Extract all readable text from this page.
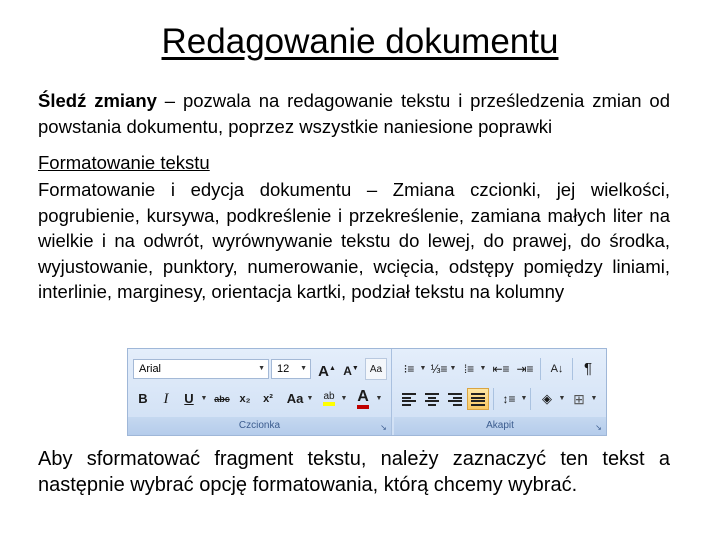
Redagowanie dokumentu
Śledź zmiany – pozwala na redagowanie tekstu i prześledzenia zmian od powstania dokumentu, poprzez wszystkie naniesione poprawki
Formatowanie tekstu
Formatowanie i edycja dokumentu – Zmiana czcionki, jej wielkości, pogrubienie, kursywa, podkreślenie i przekreślenie, zamiana małych liter na wielkie i na odwrót, wyrównywanie tekstu do lewej, do prawej, do środka, wyjustowanie, punktory, numerowanie, wcięcia, odstępy pomiędzy liniami, interlinie, marginesy, orientacja kartki, podział tekstu na kolumny
Arial	▼	12 ▼ A▲ A▼	Aa
B	I	U ▼ abc x₂	x²	Aa ▼ ab ▼ A ▼
Czcionka	↘
⁝≡ ▼ ⅓≡ ▼ ⁞≡ ▼ ⇤≡ ⇥≡	A↓	¶
↕≡ ▼	◈ ▼ ⊞ ▼
Akapit	↘
Aby sformatować fragment tekstu, należy zaznaczyć ten tekst a następnie wybrać opcję formatowania, którą chcemy wybrać.
